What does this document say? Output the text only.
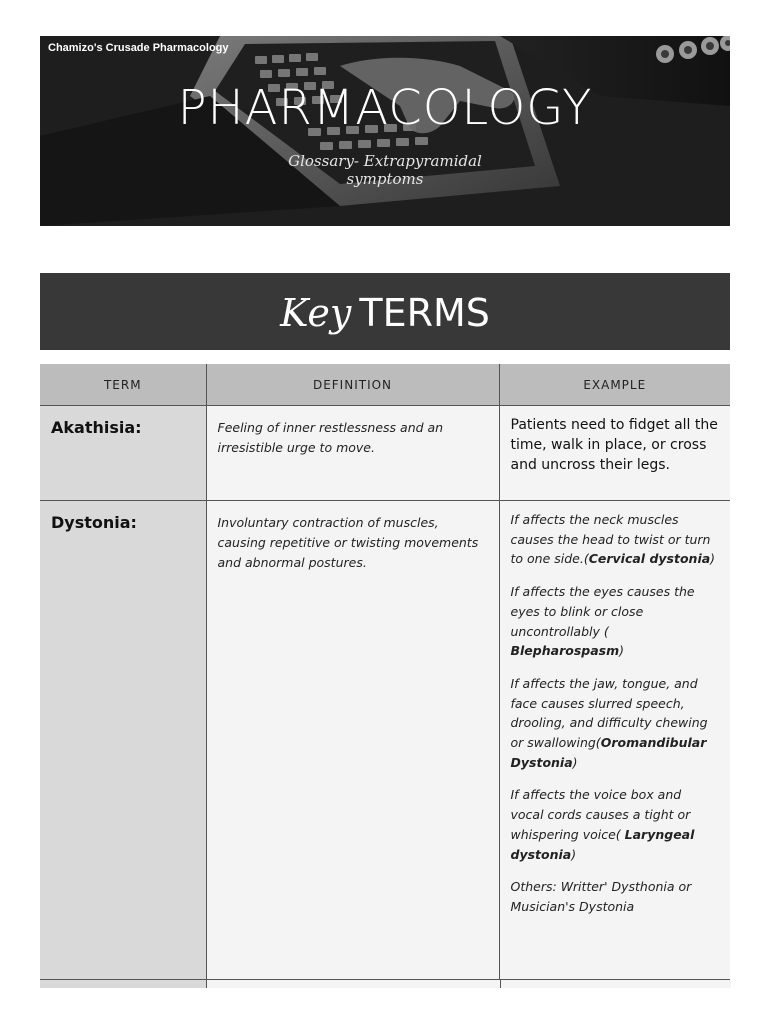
Chamizo's Crusade Pharmacology
PHARMACOLOGY
Glossary- Extrapyramidal symptoms
Key TERMS
TERM	DEFINITION	EXAMPLE

Akathisia:	Feeling of inner restlessness and an irresistible urge to move.	Patients need to fidget all the time, walk in place, or cross and uncross their legs.

Dystonia:	Involuntary contraction of muscles, causing repetitive or twisting movements and abnormal postures.	If affects the neck muscles causes the head to twist or turn to one side.(Cervical dystonia)

If affects the eyes causes the eyes to blink or close uncontrollably ( Blepharospasm)

If affects the jaw, tongue, and face causes slurred speech, drooling, and difficulty chewing or swallowing(Oromandibular Dystonia)

If affects the voice box and vocal cords causes a tight or whispering voice( Laryngeal dystonia)

Others: Writter' Dysthonia or Musician's Dystonia
